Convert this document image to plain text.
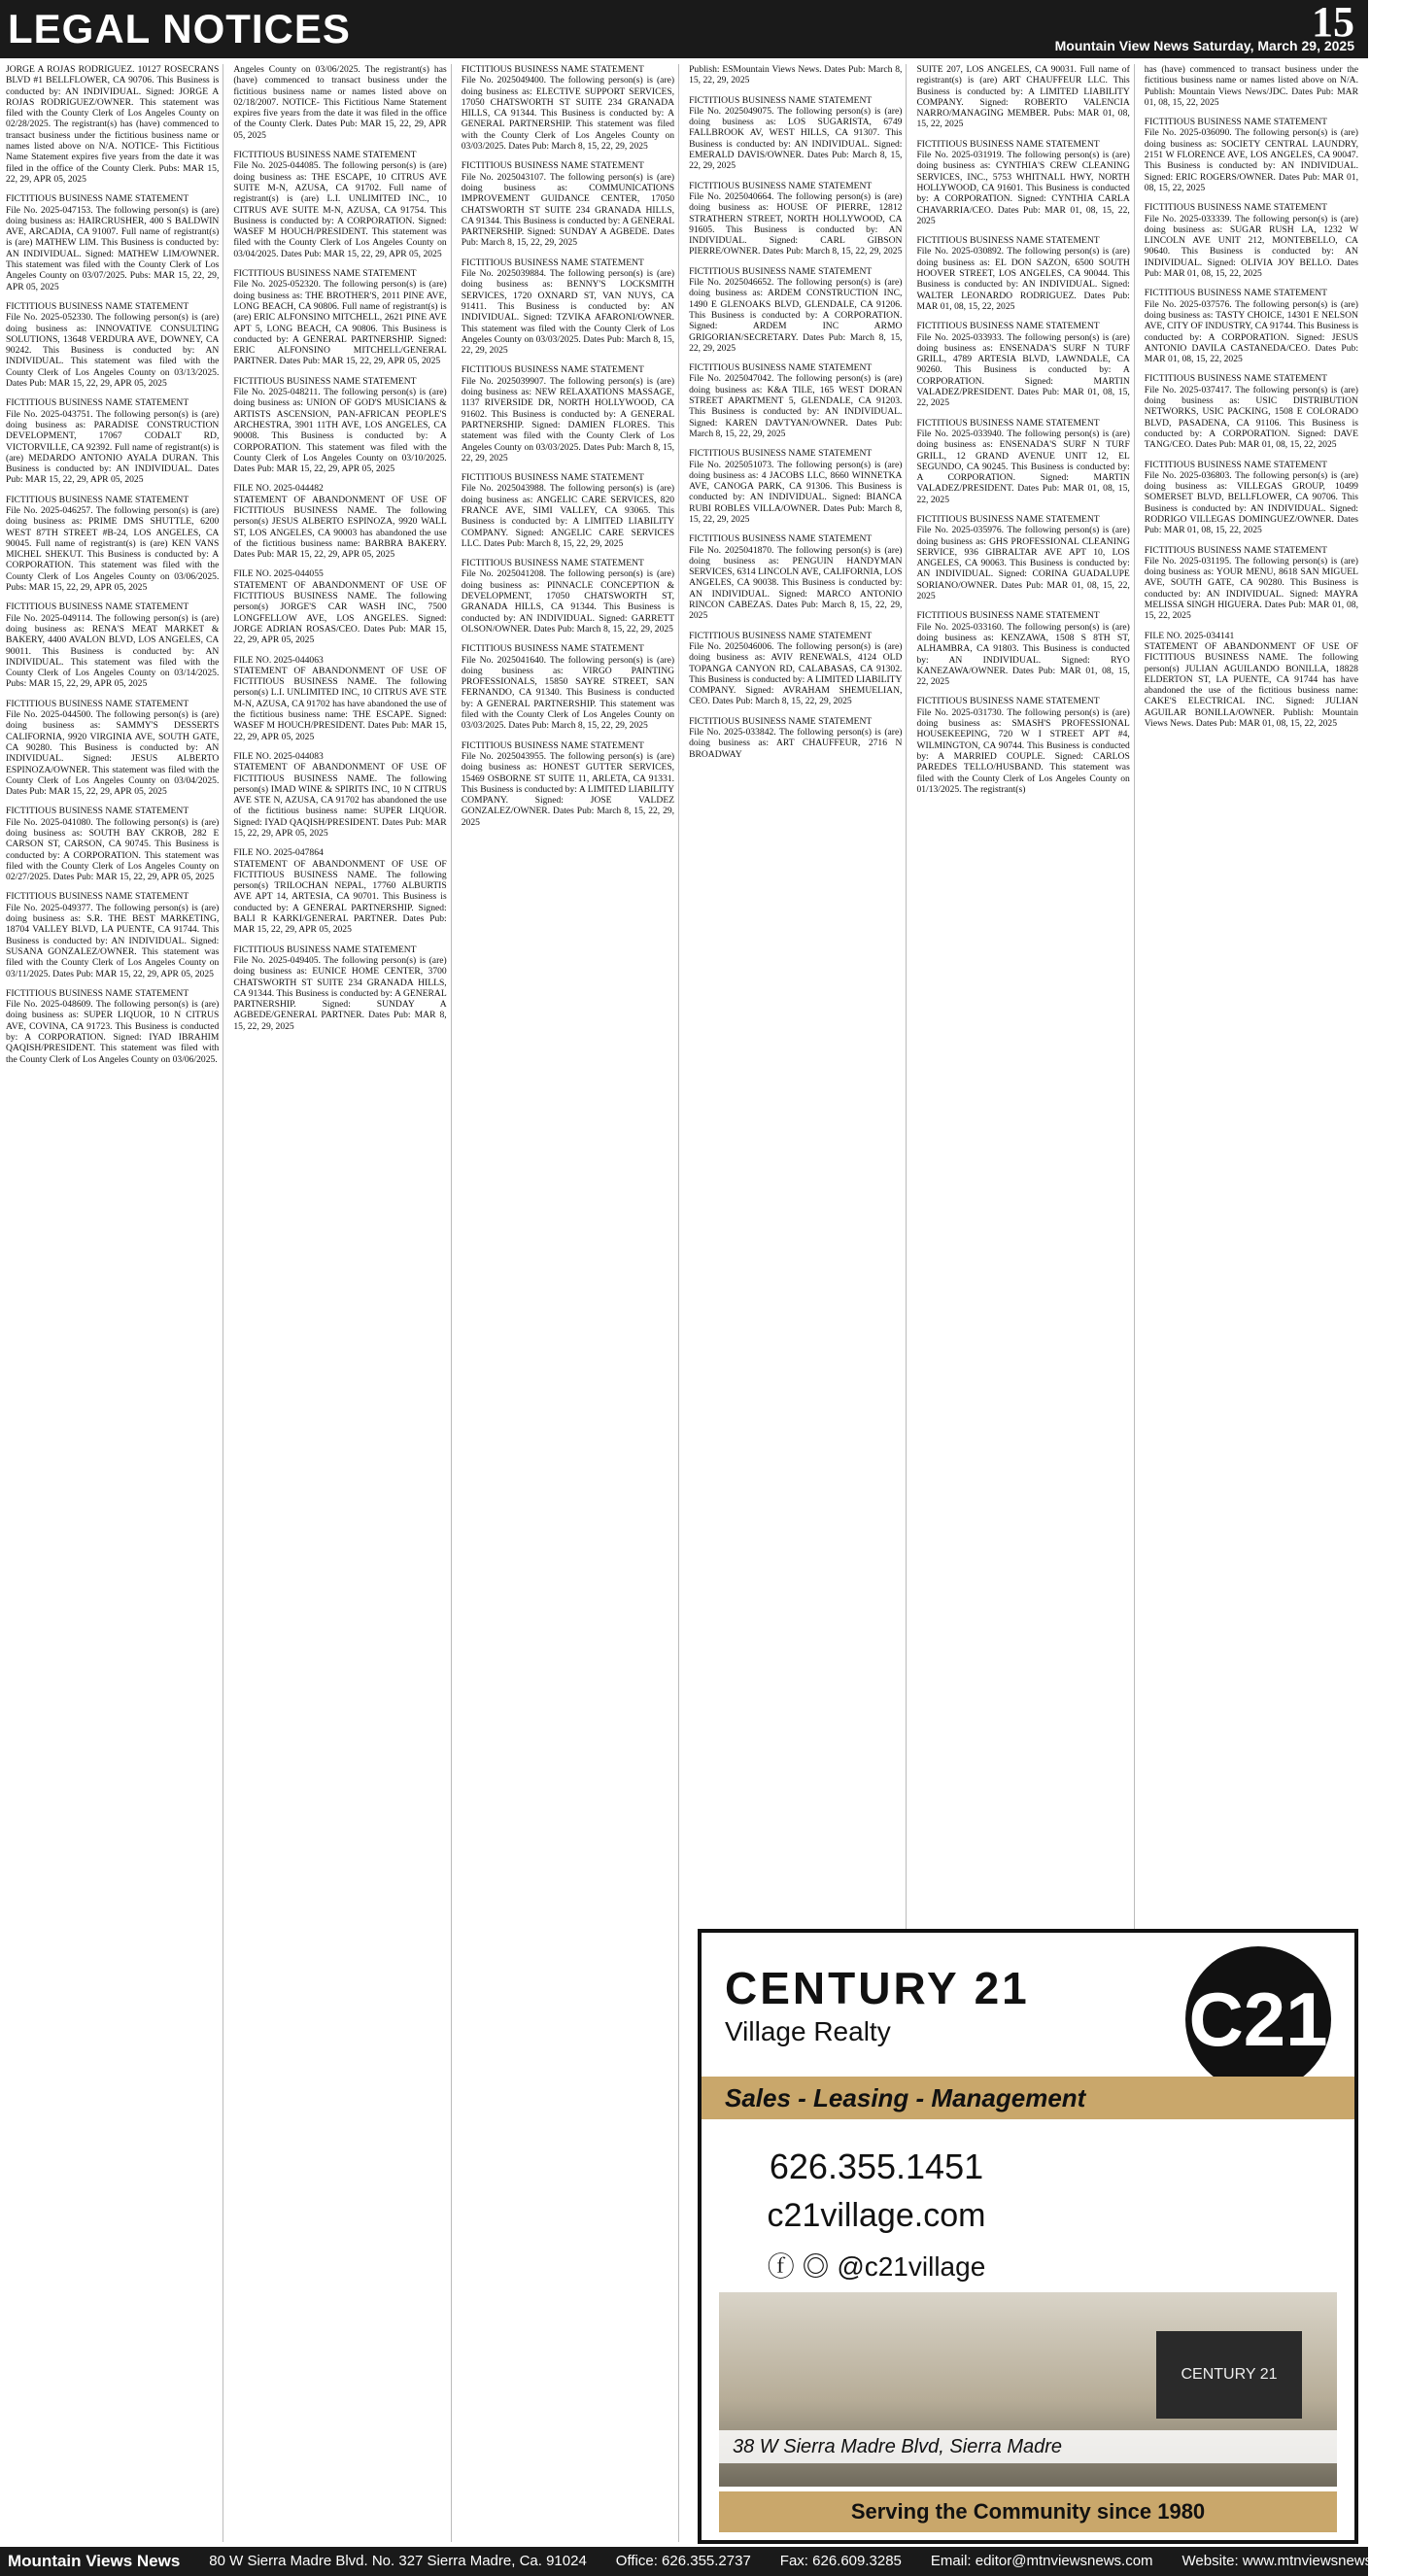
LEGAL NOTICES	15
Mountain View News Saturday, March 29, 2025
JORGE A ROJAS RODRIGUEZ. 10127 ROSECRANS BLVD #1 BELLFLOWER, CA 90706. This Business is conducted by: AN INDIVIDUAL. Signed: JORGE A ROJAS RODRIGUEZ/OWNER. This statement was filed with the County Clerk of Los Angeles County on 02/28/2025. The registrant(s) has (have) commenced to transact business under the fictitious business name or names listed above on N/A. NOTICE- This Fictitious Name Statement expires five years from the date it was filed in the office of the County Clerk. Pubs: MAR 15, 22, 29, APR 05, 2025
FICTITIOUS BUSINESS NAME STATEMENT
File No. 2025-047153. The following person(s) is (are) doing business as: HAIRCRUSHER, 400 S BALDWIN AVE, ARCADIA, CA 91007. Full name of registrant(s) is (are) MATHEW LIM. This Business is conducted by: AN INDIVIDUAL. Signed: MATHEW LIM/OWNER. This statement was filed with the County Clerk of Los Angeles County on 03/07/2025. Pubs: MAR 15, 22, 29, APR 05, 2025
FICTITIOUS BUSINESS NAME STATEMENT
File No. 2025-052330. The following person(s) is (are) doing business as: INNOVATIVE CONSULTING SOLUTIONS, 13648 VERDURA AVE, DOWNEY, CA 90242. This Business is conducted by: AN INDIVIDUAL. This statement was filed with the County Clerk of Los Angeles County on 03/13/2025. Dates Pub: MAR 15, 22, 29, APR 05, 2025
FICTITIOUS BUSINESS NAME STATEMENT
File No. 2025-043751. The following person(s) is (are) doing business as: PARADISE CONSTRUCTION DEVELOPMENT, 17067 CODALT RD, VICTORVILLE, CA 92392. Full name of registrant(s) is (are) MEDARDO ANTONIO AYALA DURAN. This Business is conducted by: AN INDIVIDUAL. Dates Pub: MAR 15, 22, 29, APR 05, 2025
FICTITIOUS BUSINESS NAME STATEMENT
File No. 2025-046257. The following person(s) is (are) doing business as: PRIME DMS SHUTTLE, 6200 WEST 87TH STREET #B-24, LOS ANGELES, CA 90045. Full name of registrant(s) is (are) KEN VANS MICHEL SHEKUT. This Business is conducted by: A CORPORATION. This statement was filed with the County Clerk of Los Angeles County on 03/06/2025. Pubs: MAR 15, 22, 29, APR 05, 2025
FICTITIOUS BUSINESS NAME STATEMENT
File No. 2025-049114. The following person(s) is (are) doing business as: RENA'S MEAT MARKET & BAKERY, 4400 AVALON BLVD, LOS ANGELES, CA 90011. This Business is conducted by: AN INDIVIDUAL. This statement was filed with the County Clerk of Los Angeles County on 03/14/2025. Pubs: MAR 15, 22, 29, APR 05, 2025
FICTITIOUS BUSINESS NAME STATEMENT
File No. 2025-044500. The following person(s) is (are) doing business as: SAMMY'S DESSERTS CALIFORNIA, 9920 VIRGINIA AVE, SOUTH GATE, CA 90280. This Business is conducted by: AN INDIVIDUAL. Signed: JESUS ALBERTO ESPINOZA/OWNER. This statement was filed with the County Clerk of Los Angeles County on 03/04/2025. Dates Pub: MAR 15, 22, 29, APR 05, 2025
FICTITIOUS BUSINESS NAME STATEMENT
File No. 2025-041080. The following person(s) is (are) doing business as: SOUTH BAY CKROB, 282 E CARSON ST, CARSON, CA 90745. This Business is conducted by: A CORPORATION. This statement was filed with the County Clerk of Los Angeles County on 02/27/2025. Dates Pub: MAR 15, 22, 29, APR 05, 2025
FICTITIOUS BUSINESS NAME STATEMENT
File No. 2025-049377. The following person(s) is (are) doing business as: S.R. THE BEST MARKETING, 18704 VALLEY BLVD, LA PUENTE, CA 91744. This Business is conducted by: AN INDIVIDUAL. Signed: SUSANA GONZALEZ/OWNER. This statement was filed with the County Clerk of Los Angeles County on 03/11/2025. Dates Pub: MAR 15, 22, 29, APR 05, 2025
FICTITIOUS BUSINESS NAME STATEMENT
File No. 2025-048609. The following person(s) is (are) doing business as: SUPER LIQUOR, 10 N CITRUS AVE, COVINA, CA 91723. This Business is conducted by: A CORPORATION. Signed: IYAD IBRAHIM QAQISH/PRESIDENT. This statement was filed with the County Clerk of Los Angeles County on 03/06/2025.
Angeles County on 03/06/2025. The registrant(s) has (have) commenced to transact business under the fictitious business name or names listed above on 02/18/2007. NOTICE- This Fictitious Name Statement expires five years from the date it was filed in the office of the County Clerk. Dates Pub: MAR 15, 22, 29, APR 05, 2025
FICTITIOUS BUSINESS NAME STATEMENT
File No. 2025-044085. The following person(s) is (are) doing business as: THE ESCAPE, 10 CITRUS AVE SUITE M-N, AZUSA, CA 91702. Full name of registrant(s) is (are) L.I. UNLIMITED INC., 10 CITRUS AVE SUITE M-N, AZUSA, CA 91754. This Business is conducted by: A CORPORATION. Signed: WASEF M HOUCH/PRESIDENT. This statement was filed with the County Clerk of Los Angeles County on 03/04/2025. Dates Pub: MAR 15, 22, 29, APR 05, 2025
FICTITIOUS BUSINESS NAME STATEMENT
File No. 2025-052320. The following person(s) is (are) doing business as: THE BROTHER'S, 2011 PINE AVE, LONG BEACH, CA 90806. Full name of registrant(s) is (are) ERIC ALFONSINO MITCHELL, 2621 PINE AVE APT 5, LONG BEACH, CA 90806. This Business is conducted by: A GENERAL PARTNERSHIP. Signed: ERIC ALFONSINO MITCHELL/GENERAL PARTNER. Dates Pub: MAR 15, 22, 29, APR 05, 2025
FICTITIOUS BUSINESS NAME STATEMENT
File No. 2025-048211. The following person(s) is (are) doing business as: UNION OF GOD'S MUSICIANS & ARTISTS ASCENSION, PAN-AFRICAN PEOPLE'S ARCHESTRA, 3901 11TH AVE, LOS ANGELES, CA 90008. This Business is conducted by: A CORPORATION. This statement was filed with the County Clerk of Los Angeles County on 03/10/2025. Dates Pub: MAR 15, 22, 29, APR 05, 2025
FILE NO. 2025-044482
STATEMENT OF ABANDONMENT OF USE OF FICTITIOUS BUSINESS NAME. The following person(s) JESUS ALBERTO ESPINOZA, 9920 WALL ST, LOS ANGELES, CA 90003 has abandoned the use of the fictitious business name: BARBRA BAKERY. Dates Pub: MAR 15, 22, 29, APR 05, 2025
FILE NO. 2025-044055
STATEMENT OF ABANDONMENT OF USE OF FICTITIOUS BUSINESS NAME. The following person(s) JORGE'S CAR WASH INC, 7500 LONGFELLOW AVE, LOS ANGELES. Signed: JORGE ADRIAN ROSAS/CEO. Dates Pub: MAR 15, 22, 29, APR 05, 2025
FILE NO. 2025-044063
STATEMENT OF ABANDONMENT OF USE OF FICTITIOUS BUSINESS NAME. The following person(s) L.I. UNLIMITED INC, 10 CITRUS AVE STE M-N, AZUSA, CA 91702 has have abandoned the use of the fictitious business name: THE ESCAPE. Signed: WASEF M HOUCH/PRESIDENT. Dates Pub: MAR 15, 22, 29, APR 05, 2025
FILE NO. 2025-044083
STATEMENT OF ABANDONMENT OF USE OF FICTITIOUS BUSINESS NAME. The following person(s) IMAD WINE & SPIRITS INC, 10 N CITRUS AVE STE N, AZUSA, CA 91702 has abandoned the use of the fictitious business name: SUPER LIQUOR. Signed: IYAD QAQISH/PRESIDENT. Dates Pub: MAR 15, 22, 29, APR 05, 2025
FILE NO. 2025-047864
STATEMENT OF ABANDONMENT OF USE OF FICTITIOUS BUSINESS NAME. The following person(s) TRILOCHAN NEPAL, 17760 ALBURTIS AVE APT 14, ARTESIA, CA 90701. This Business is conducted by: A GENERAL PARTNERSHIP. Signed: BALI R KARKI/GENERAL PARTNER. Dates Pub: MAR 15, 22, 29, APR 05, 2025
FICTITIOUS BUSINESS NAME STATEMENT
File No. 2025-049405. The following person(s) is (are) doing business as: EUNICE HOME CENTER, 3700 CHATSWORTH ST SUITE 234 GRANADA HILLS, CA 91344. This Business is conducted by: A GENERAL PARTNERSHIP. Signed: SUNDAY A AGBEDE/GENERAL PARTNER. Dates Pub: MAR 8, 15, 22, 29, 2025
FICTITIOUS BUSINESS NAME STATEMENT
File No. 2025049400. The following person(s) is (are) doing business as: ELECTIVE SUPPORT SERVICES, 17050 CHATSWORTH ST SUITE 234 GRANADA HILLS, CA 91344. This Business is conducted by: A GENERAL PARTNERSHIP. This statement was filed with the County Clerk of Los Angeles County on 03/03/2025. Dates Pub: March 8, 15, 22, 29, 2025
FICTITIOUS BUSINESS NAME STATEMENT
File No. 2025043107. The following person(s) is (are) doing business as: COMMUNICATIONS IMPROVEMENT GUIDANCE CENTER, 17050 CHATSWORTH ST SUITE 234 GRANADA HILLS, CA 91344. This Business is conducted by: A GENERAL PARTNERSHIP. Signed: SUNDAY A AGBEDE. Dates Pub: March 8, 15, 22, 29, 2025
FICTITIOUS BUSINESS NAME STATEMENT
File No. 2025039884. The following person(s) is (are) doing business as: BENNY'S LOCKSMITH SERVICES, 1720 OXNARD ST, VAN NUYS, CA 91411. This Business is conducted by: AN INDIVIDUAL. Signed: TZVIKA AFARONI/OWNER. This statement was filed with the County Clerk of Los Angeles County on 03/03/2025. Dates Pub: March 8, 15, 22, 29, 2025
FICTITIOUS BUSINESS NAME STATEMENT
File No. 2025039907. The following person(s) is (are) doing business as: NEW RELAXATIONS MASSAGE, 1137 RIVERSIDE DR, NORTH HOLLYWOOD, CA 91602. This Business is conducted by: A GENERAL PARTNERSHIP. Signed: DAMIEN FLORES. This statement was filed with the County Clerk of Los Angeles County on 03/03/2025. Dates Pub: March 8, 15, 22, 29, 2025
FICTITIOUS BUSINESS NAME STATEMENT
File No. 2025043988. The following person(s) is (are) doing business as: ANGELIC CARE SERVICES, 820 FRANCE AVE, SIMI VALLEY, CA 93065. This Business is conducted by: A LIMITED LIABILITY COMPANY. Signed: ANGELIC CARE SERVICES LLC. Dates Pub: March 8, 15, 22, 29, 2025
FICTITIOUS BUSINESS NAME STATEMENT
File No. 2025041208. The following person(s) is (are) doing business as: PINNACLE CONCEPTION & DEVELOPMENT, 17050 CHATSWORTH ST, GRANADA HILLS, CA 91344. This Business is conducted by: AN INDIVIDUAL. Signed: GARRETT OLSON/OWNER. Dates Pub: March 8, 15, 22, 29, 2025
FICTITIOUS BUSINESS NAME STATEMENT
File No. 2025041640. The following person(s) is (are) doing business as: VIRGO PAINTING PROFESSIONALS, 15850 SAYRE STREET, SAN FERNANDO, CA 91340. This Business is conducted by: A GENERAL PARTNERSHIP. This statement was filed with the County Clerk of Los Angeles County on 03/03/2025. Dates Pub: March 8, 15, 22, 29, 2025
FICTITIOUS BUSINESS NAME STATEMENT
File No. 2025043955. The following person(s) is (are) doing business as: HONEST GUTTER SERVICES, 15469 OSBORNE ST SUITE 11, ARLETA, CA 91331. This Business is conducted by: A LIMITED LIABILITY COMPANY. Signed: JOSE VALDEZ GONZALEZ/OWNER. Dates Pub: March 8, 15, 22, 29, 2025
Publish: ESMountain Views News. Dates Pub: March 8, 15, 22, 29, 2025
FICTITIOUS BUSINESS NAME STATEMENT
File No. 2025049075. The following person(s) is (are) doing business as: LOS SUGARISTA, 6749 FALLBROOK AV, WEST HILLS, CA 91307. This Business is conducted by: AN INDIVIDUAL. Signed: EMERALD DAVIS/OWNER. Dates Pub: March 8, 15, 22, 29, 2025
FICTITIOUS BUSINESS NAME STATEMENT
File No. 2025040664. The following person(s) is (are) doing business as: HOUSE OF PIERRE, 12812 STRATHERN STREET, NORTH HOLLYWOOD, CA 91605. This Business is conducted by: AN INDIVIDUAL. Signed: CARL GIBSON PIERRE/OWNER. Dates Pub: March 8, 15, 22, 29, 2025
FICTITIOUS BUSINESS NAME STATEMENT
File No. 2025046652. The following person(s) is (are) doing business as: ARDEM CONSTRUCTION INC, 1490 E GLENOAKS BLVD, GLENDALE, CA 91206. This Business is conducted by: A CORPORATION. Signed: ARDEM INC ARMO GRIGORIAN/SECRETARY. Dates Pub: March 8, 15, 22, 29, 2025
FICTITIOUS BUSINESS NAME STATEMENT
File No. 2025047042. The following person(s) is (are) doing business as: K&A TILE, 165 WEST DORAN STREET APARTMENT 5, GLENDALE, CA 91203. This Business is conducted by: AN INDIVIDUAL. Signed: KAREN DAVTYAN/OWNER. Dates Pub: March 8, 15, 22, 29, 2025
FICTITIOUS BUSINESS NAME STATEMENT
File No. 2025051073. The following person(s) is (are) doing business as: 4 JACOBS LLC, 8660 WINNETKA AVE, CANOGA PARK, CA 91306. This Business is conducted by: AN INDIVIDUAL. Signed: BIANCA RUBI ROBLES VILLA/OWNER. Dates Pub: March 8, 15, 22, 29, 2025
FICTITIOUS BUSINESS NAME STATEMENT
File No. 2025041870. The following person(s) is (are) doing business as: PENGUIN HANDYMAN SERVICES, 6314 LINCOLN AVE, CALIFORNIA, LOS ANGELES, CA 90038. This Business is conducted by: AN INDIVIDUAL. Signed: MARCO ANTONIO RINCON CABEZAS. Dates Pub: March 8, 15, 22, 29, 2025
FICTITIOUS BUSINESS NAME STATEMENT
File No. 2025046006. The following person(s) is (are) doing business as: AVIV RENEWALS, 4124 OLD TOPANGA CANYON RD, CALABASAS, CA 91302. This Business is conducted by: A LIMITED LIABILITY COMPANY. Signed: AVRAHAM SHEMUELIAN, CEO. Dates Pub: March 8, 15, 22, 29, 2025
FICTITIOUS BUSINESS NAME STATEMENT
File No. 2025-033842. The following person(s) is (are) doing business as: ART CHAUFFEUR, 2716 N BROADWAY
SUITE 207, LOS ANGELES, CA 90031. Full name of registrant(s) is (are) ART CHAUFFEUR LLC. This Business is conducted by: A LIMITED LIABILITY COMPANY. Signed: ROBERTO VALENCIA NARRO/MANAGING MEMBER. Pubs: MAR 01, 08, 15, 22, 2025
FICTITIOUS BUSINESS NAME STATEMENT
File No. 2025-031919. The following person(s) is (are) doing business as: CYNTHIA'S CREW CLEANING SERVICES, INC., 5753 WHITNALL HWY, NORTH HOLLYWOOD, CA 91601. This Business is conducted by: A CORPORATION. Signed: CYNTHIA CARLA CHAVARRIA/CEO. Dates Pub: MAR 01, 08, 15, 22, 2025
FICTITIOUS BUSINESS NAME STATEMENT
File No. 2025-030892. The following person(s) is (are) doing business as: EL DON SAZON, 6500 SOUTH HOOVER STREET, LOS ANGELES, CA 90044. This Business is conducted by: AN INDIVIDUAL. Signed: WALTER LEONARDO RODRIGUEZ. Dates Pub: MAR 01, 08, 15, 22, 2025
FICTITIOUS BUSINESS NAME STATEMENT
File No. 2025-033933. The following person(s) is (are) doing business as: ENSENADA'S SURF N TURF GRILL, 4789 ARTESIA BLVD, LAWNDALE, CA 90260. This Business is conducted by: A CORPORATION. Signed: MARTIN VALADEZ/PRESIDENT. Dates Pub: MAR 01, 08, 15, 22, 2025
FICTITIOUS BUSINESS NAME STATEMENT
File No. 2025-033940. The following person(s) is (are) doing business as: ENSENADA'S SURF N TURF GRILL, 12 GRAND AVENUE UNIT 12, EL SEGUNDO, CA 90245. This Business is conducted by: A CORPORATION. Signed: MARTIN VALADEZ/PRESIDENT. Dates Pub: MAR 01, 08, 15, 22, 2025
FICTITIOUS BUSINESS NAME STATEMENT
File No. 2025-035976. The following person(s) is (are) doing business as: GHS PROFESSIONAL CLEANING SERVICE, 936 GIBRALTAR AVE APT 10, LOS ANGELES, CA 90063. This Business is conducted by: AN INDIVIDUAL. Signed: CORINA GUADALUPE SORIANO/OWNER. Dates Pub: MAR 01, 08, 15, 22, 2025
FICTITIOUS BUSINESS NAME STATEMENT
File No. 2025-033160. The following person(s) is (are) doing business as: KENZAWA, 1508 S 8TH ST, ALHAMBRA, CA 91803. This Business is conducted by: AN INDIVIDUAL. Signed: RYO KANEZAWA/OWNER. Dates Pub: MAR 01, 08, 15, 22, 2025
FICTITIOUS BUSINESS NAME STATEMENT
File No. 2025-031730. The following person(s) is (are) doing business as: SMASH'S PROFESSIONAL HOUSEKEEPING, 720 W I STREET APT #4, WILMINGTON, CA 90744. This Business is conducted by: A MARRIED COUPLE. Signed: CARLOS PAREDES TELLO/HUSBAND. This statement was filed with the County Clerk of Los Angeles County on 01/13/2025. The registrant(s)
has (have) commenced to transact business under the fictitious business name or names listed above on N/A. Publish: Mountain Views News/JDC. Dates Pub: MAR 01, 08, 15, 22, 2025
FICTITIOUS BUSINESS NAME STATEMENT
File No. 2025-036090. The following person(s) is (are) doing business as: SOCIETY CENTRAL LAUNDRY, 2151 W FLORENCE AVE, LOS ANGELES, CA 90047. This Business is conducted by: AN INDIVIDUAL. Signed: ERIC ROGERS/OWNER. Dates Pub: MAR 01, 08, 15, 22, 2025
FICTITIOUS BUSINESS NAME STATEMENT
File No. 2025-033339. The following person(s) is (are) doing business as: SUGAR RUSH LA, 1232 W LINCOLN AVE UNIT 212, MONTEBELLO, CA 90640. This Business is conducted by: AN INDIVIDUAL. Signed: OLIVIA JOY BELLO. Dates Pub: MAR 01, 08, 15, 22, 2025
FICTITIOUS BUSINESS NAME STATEMENT
File No. 2025-037576. The following person(s) is (are) doing business as: TASTY CHOICE, 14301 E NELSON AVE, CITY OF INDUSTRY, CA 91744. This Business is conducted by: A CORPORATION. Signed: JESUS ANTONIO DAVILA CASTANEDA/CEO. Dates Pub: MAR 01, 08, 15, 22, 2025
FICTITIOUS BUSINESS NAME STATEMENT
File No. 2025-037417. The following person(s) is (are) doing business as: USIC DISTRIBUTION NETWORKS, USIC PACKING, 1508 E COLORADO BLVD, PASADENA, CA 91106. This Business is conducted by: A CORPORATION. Signed: DAVE TANG/CEO. Dates Pub: MAR 01, 08, 15, 22, 2025
FICTITIOUS BUSINESS NAME STATEMENT
File No. 2025-036803. The following person(s) is (are) doing business as: VILLEGAS GROUP, 10499 SOMERSET BLVD, BELLFLOWER, CA 90706. This Business is conducted by: AN INDIVIDUAL. Signed: RODRIGO VILLEGAS DOMINGUEZ/OWNER. Dates Pub: MAR 01, 08, 15, 22, 2025
FICTITIOUS BUSINESS NAME STATEMENT
File No. 2025-031195. The following person(s) is (are) doing business as: YOUR MENU, 8618 SAN MIGUEL AVE, SOUTH GATE, CA 90280. This Business is conducted by: AN INDIVIDUAL. Signed: MAYRA MELISSA SINGH HIGUERA. Dates Pub: MAR 01, 08, 15, 22, 2025
FILE NO. 2025-034141
STATEMENT OF ABANDONMENT OF USE OF FICTITIOUS BUSINESS NAME. The following person(s) JULIAN AGUILANDO BONILLA, 18828 ELDERTON ST, LA PUENTE, CA 91744 has have abandoned the use of the fictitious business name: CAKE'S ELECTRICAL INC. Signed: JULIAN AGUILAR BONILLA/OWNER. Publish: Mountain Views News. Dates Pub: MAR 01, 08, 15, 22, 2025
CENTURY 21
Village Realty	C21
Sales - Leasing - Management
626.355.1451
c21village.com
ⓕ ◎ @c21village
CENTURY 21
38 W Sierra Madre Blvd, Sierra Madre
Serving the Community since 1980
Mountain Views News 80 W Sierra Madre Blvd. No. 327 Sierra Madre, Ca. 91024 Office: 626.355.2737 Fax: 626.609.3285 Email: editor@mtnviewsnews.com Website: www.mtnviewsnews.com
